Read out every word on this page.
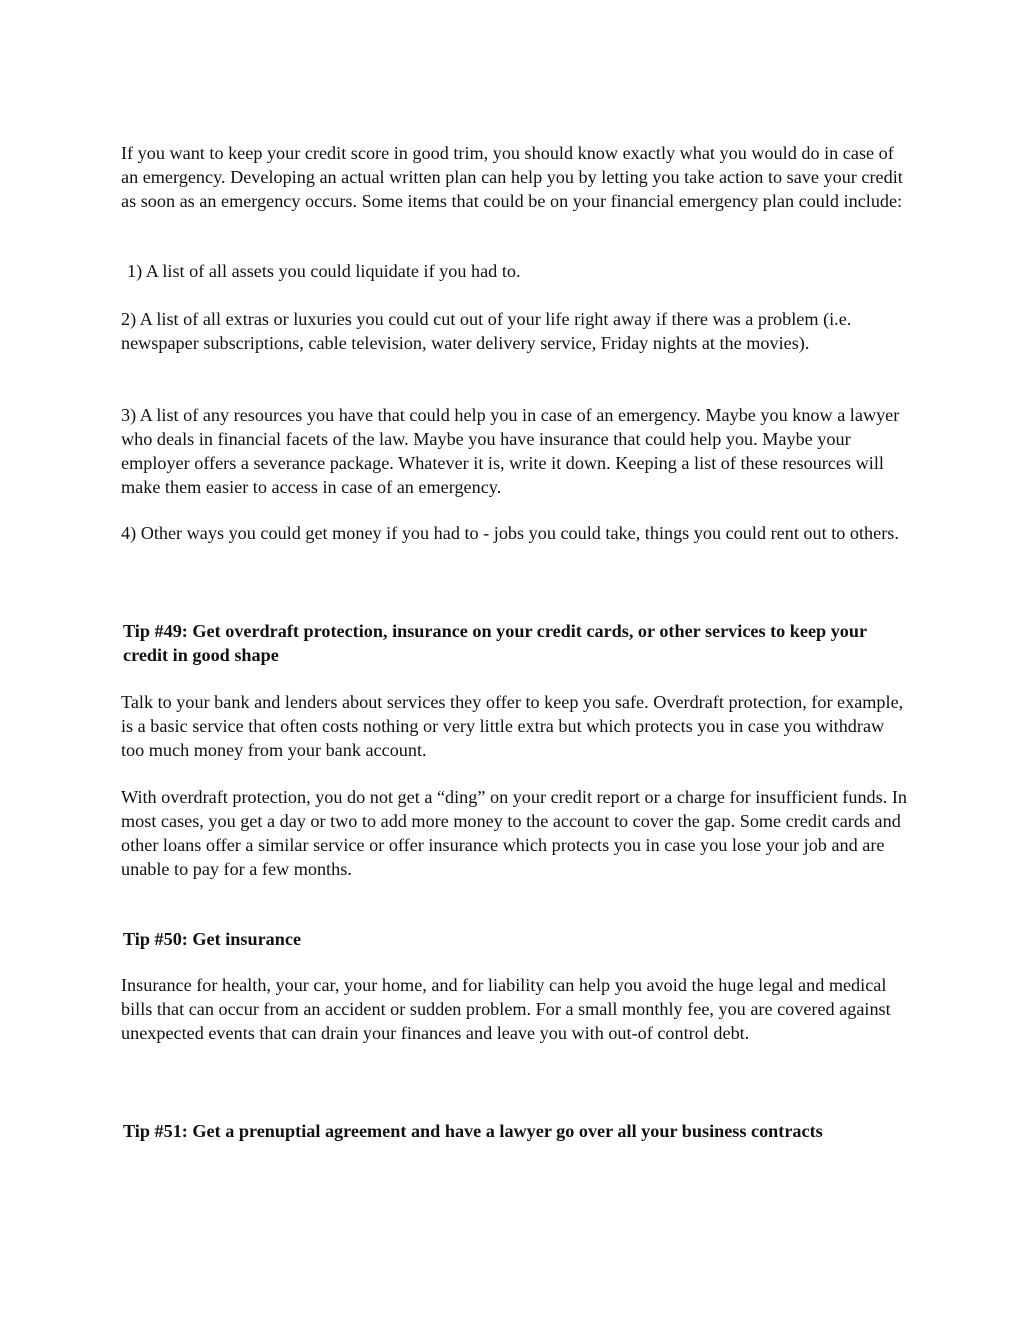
If you want to keep your credit score in good trim, you should know exactly what you would do in case of an emergency. Developing an actual written plan can help you by letting you take action to save your credit as soon as an emergency occurs. Some items that could be on your financial emergency plan could include:

1) A list of all assets you could liquidate if you had to.

2) A list of all extras or luxuries you could cut out of your life right away if there was a problem (i.e. newspaper subscriptions, cable television, water delivery service, Friday nights at the movies).

3) A list of any resources you have that could help you in case of an emergency. Maybe you know a lawyer who deals in financial facets of the law. Maybe you have insurance that could help you. Maybe your employer offers a severance package. Whatever it is, write it down. Keeping a list of these resources will make them easier to access in case of an emergency.

4) Other ways you could get money if you had to - jobs you could take, things you could rent out to others.

Tip #49: Get overdraft protection, insurance on your credit cards, or other services to keep your credit in good shape

Talk to your bank and lenders about services they offer to keep you safe. Overdraft protection, for example, is a basic service that often costs nothing or very little extra but which protects you in case you withdraw too much money from your bank account.

With overdraft protection, you do not get a “ding” on your credit report or a charge for insufficient funds. In most cases, you get a day or two to add more money to the account to cover the gap. Some credit cards and other loans offer a similar service or offer insurance which protects you in case you lose your job and are unable to pay for a few months.

Tip #50: Get insurance

Insurance for health, your car, your home, and for liability can help you avoid the huge legal and medical bills that can occur from an accident or sudden problem. For a small monthly fee, you are covered against unexpected events that can drain your finances and leave you with out-of control debt.

Tip #51: Get a prenuptial agreement and have a lawyer go over all your business contracts
